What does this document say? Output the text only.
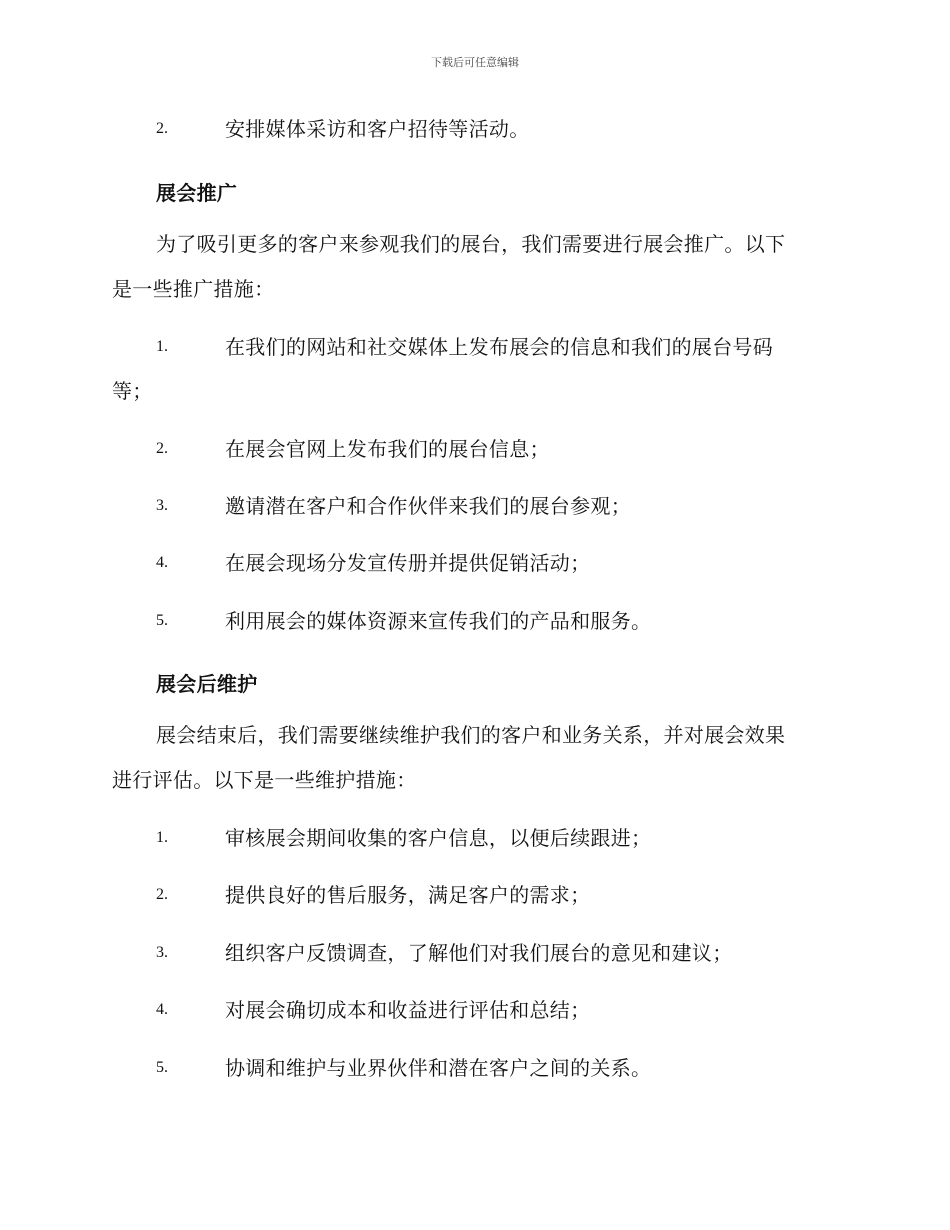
下载后可任意编辑
2.	安排媒体采访和客户招待等活动。
展会推广
为了吸引更多的客户来参观我们的展台，我们需要进行展会推广。以下
是一些推广措施：
1.	在我们的网站和社交媒体上发布展会的信息和我们的展台号码
等；
2.	在展会官网上发布我们的展台信息；
3.	邀请潜在客户和合作伙伴来我们的展台参观；
4.	在展会现场分发宣传册并提供促销活动；
5.	利用展会的媒体资源来宣传我们的产品和服务。
展会后维护
展会结束后，我们需要继续维护我们的客户和业务关系，并对展会效果
进行评估。以下是一些维护措施：
1.	审核展会期间收集的客户信息，以便后续跟进；
2.	提供良好的售后服务，满足客户的需求；
3.	组织客户反馈调查，了解他们对我们展台的意见和建议；
4.	对展会确切成本和收益进行评估和总结；
5.	协调和维护与业界伙伴和潜在客户之间的关系。
